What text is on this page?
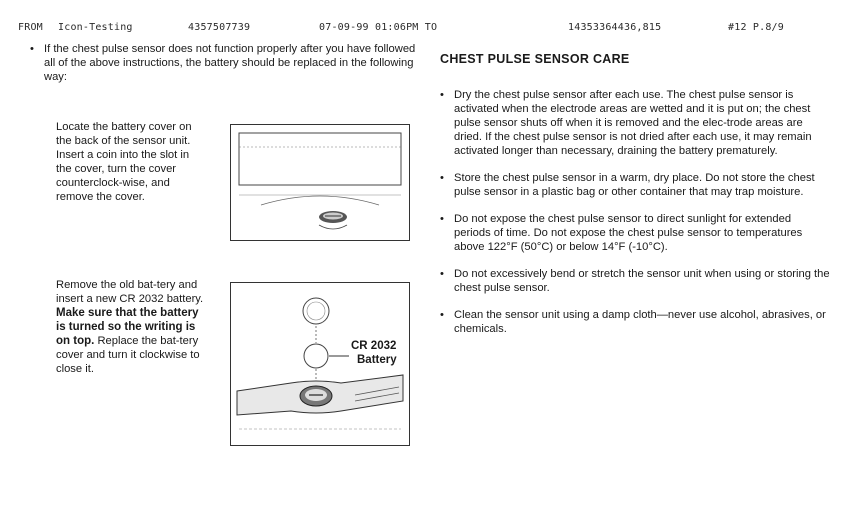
FROM Icon-Testing	4357507739	07-09-99 01:06PM TO	14353364436,815	#12 P.8/9
• If the chest pulse sensor does not function properly after you have followed all of the above instructions, the battery should be replaced in the following way:
Locate the battery cover on the back of the sensor unit. Insert a coin into the slot in the cover, turn the cover counterclock-wise, and remove the cover.
Remove the old bat-tery and insert a new CR 2032 battery. Make sure that the battery is turned so the writing is on top. Replace the bat-tery cover and turn it clockwise to close it.
CR 2032
Battery
CHEST PULSE SENSOR CARE
• Dry the chest pulse sensor after each use. The chest pulse sensor is activated when the electrode areas are wetted and it is put on; the chest pulse sensor shuts off when it is removed and the elec-trode areas are dried. If the chest pulse sensor is not dried after each use, it may remain activated longer than necessary, draining the battery prematurely.
• Store the chest pulse sensor in a warm, dry place. Do not store the chest pulse sensor in a plastic bag or other container that may trap moisture.
• Do not expose the chest pulse sensor to direct sunlight for extended periods of time. Do not expose the chest pulse sensor to temperatures above 122°F (50°C) or below 14°F (-10°C).
• Do not excessively bend or stretch the sensor unit when using or storing the chest pulse sensor.
• Clean the sensor unit using a damp cloth—never use alcohol, abrasives, or chemicals.
